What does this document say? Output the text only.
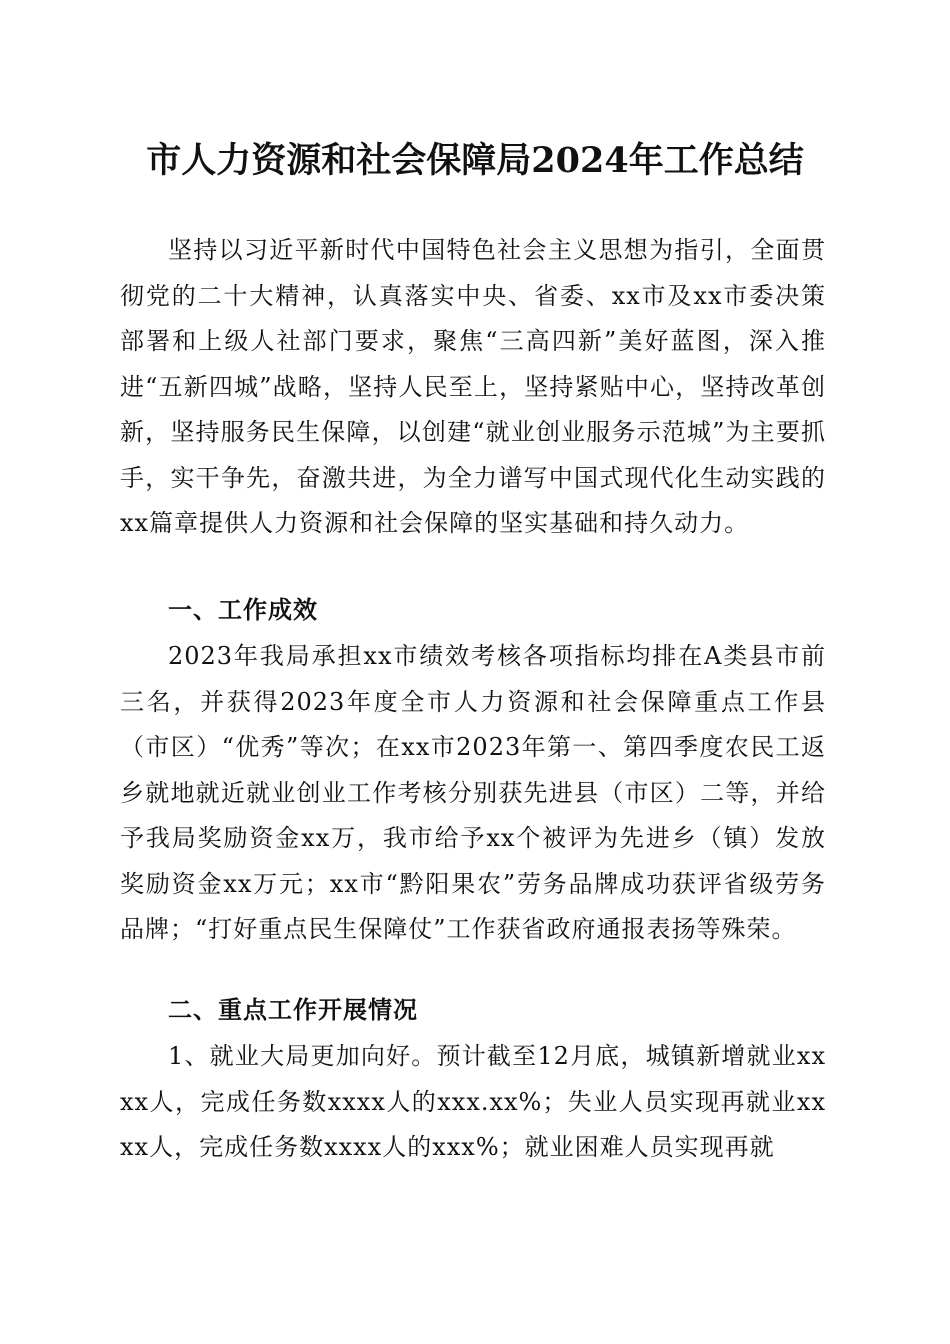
市人力资源和社会保障局2024年工作总结

坚持以习近平新时代中国特色社会主义思想为指引，全面贯彻党的二十大精神，认真落实中央、省委、xx市及xx市委决策部署和上级人社部门要求，聚焦“三高四新”美好蓝图，深入推进“五新四城”战略，坚持人民至上，坚持紧贴中心，坚持改革创新，坚持服务民生保障，以创建“就业创业服务示范城”为主要抓手，实干争先，奋激共进，为全力谱写中国式现代化生动实践的xx篇章提供人力资源和社会保障的坚实基础和持久动力。

一、工作成效

2023年我局承担xx市绩效考核各项指标均排在A类县市前三名，并获得2023年度全市人力资源和社会保障重点工作县（市区）“优秀”等次；在xx市2023年第一、第四季度农民工返乡就地就近就业创业工作考核分别获先进县（市区）二等，并给予我局奖励资金xx万，我市给予xx个被评为先进乡（镇）发放奖励资金xx万元；xx市“黔阳果农”劳务品牌成功获评省级劳务品牌；“打好重点民生保障仗”工作获省政府通报表扬等殊荣。

二、重点工作开展情况

1、就业大局更加向好。预计截至12月底，城镇新增就业xxxx人，完成任务数xxxx人的xxx.xx%；失业人员实现再就业xxxx人，完成任务数xxxx人的xxx%；就业困难人员实现再就
